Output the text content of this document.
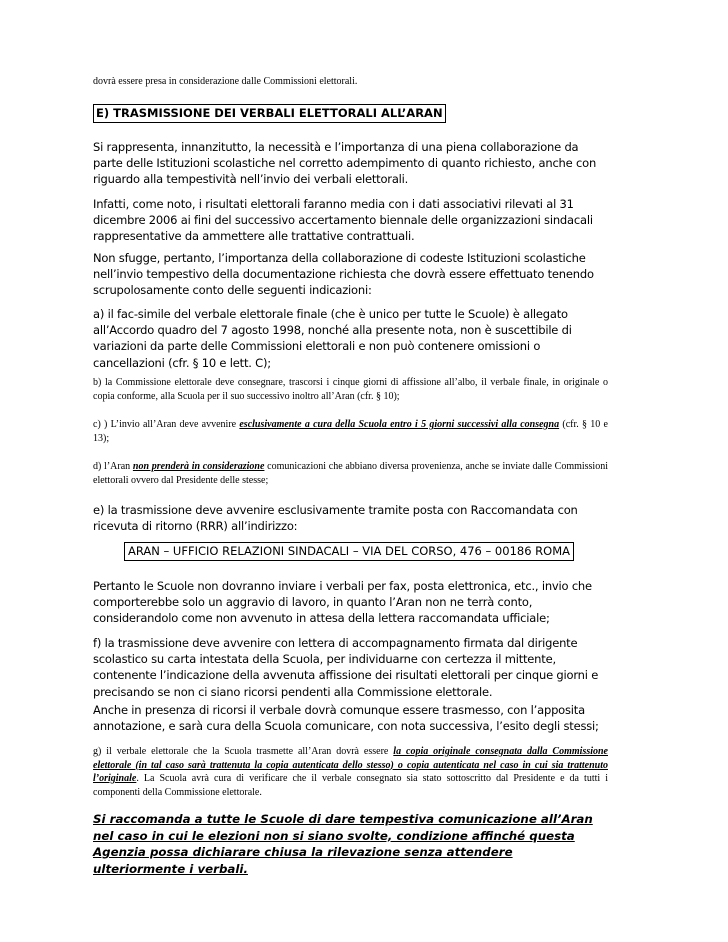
dovrà essere presa in considerazione dalle Commissioni elettorali.

E) TRASMISSIONE DEI VERBALI ELETTORALI ALL’ARAN

Si rappresenta, innanzitutto, la necessità e l’importanza di una piena collaborazione da parte delle Istituzioni scolastiche nel corretto adempimento di quanto richiesto, anche con riguardo alla tempestività nell’invio dei verbali elettorali.

Infatti, come noto, i risultati elettorali faranno media con i dati associativi rilevati al 31 dicembre 2006 ai fini del successivo accertamento biennale delle organizzazioni sindacali rappresentative da ammettere alle trattative contrattuali.

Non sfugge, pertanto, l’importanza della collaborazione di codeste Istituzioni scolastiche nell’invio tempestivo della documentazione richiesta che dovrà essere effettuato tenendo scrupolosamente conto delle seguenti indicazioni:

a) il fac-simile del verbale elettorale finale (che è unico per tutte le Scuole) è allegato all’Accordo quadro del 7 agosto 1998, nonché alla presente nota, non è suscettibile di variazioni da parte delle Commissioni elettorali e non può contenere omissioni o cancellazioni (cfr. § 10 e lett. C);

b) la Commissione elettorale deve consegnare, trascorsi i cinque giorni di affissione all’albo, il verbale finale, in originale o copia conforme, alla Scuola per il suo successivo inoltro all’Aran (cfr. § 10);

c) ) L’invio all’Aran deve avvenire esclusivamente a cura della Scuola entro i 5 giorni successivi alla consegna (cfr. § 10 e 13);

d) l’Aran non prenderà in considerazione comunicazioni che abbiano diversa provenienza, anche se inviate dalle Commissioni elettorali ovvero dal Presidente delle stesse;

e) la trasmissione deve avvenire esclusivamente tramite posta con Raccomandata con ricevuta di ritorno (RRR) all’indirizzo:

ARAN – UFFICIO RELAZIONI SINDACALI – VIA DEL CORSO, 476 – 00186 ROMA

Pertanto le Scuole non dovranno inviare i verbali per fax, posta elettronica, etc., invio che comporterebbe solo un aggravio di lavoro, in quanto l’Aran non ne terrà conto, considerandolo come non avvenuto in attesa della lettera raccomandata ufficiale;

f) la trasmissione deve avvenire con lettera di accompagnamento firmata dal dirigente scolastico su carta intestata della Scuola, per individuarne con certezza il mittente, contenente l’indicazione della avvenuta affissione dei risultati elettorali per cinque giorni e precisando se non ci siano ricorsi pendenti alla Commissione elettorale.

Anche in presenza di ricorsi il verbale dovrà comunque essere trasmesso, con l’apposita annotazione, e sarà cura della Scuola comunicare, con nota successiva, l’esito degli stessi;

g) il verbale elettorale che la Scuola trasmette all’Aran dovrà essere la copia originale consegnata dalla Commissione elettorale (in tal caso sarà trattenuta la copia autenticata dello stesso) o copia autenticata nel caso in cui sia trattenuto l’originale. La Scuola avrà cura di verificare che il verbale consegnato sia stato sottoscritto dal Presidente e da tutti i componenti della Commissione elettorale.

Si raccomanda a tutte le Scuole di dare tempestiva comunicazione all’Aran nel caso in cui le elezioni non si siano svolte, condizione affinché questa Agenzia possa dichiarare chiusa la rilevazione senza attendere ulteriormente i verbali.
